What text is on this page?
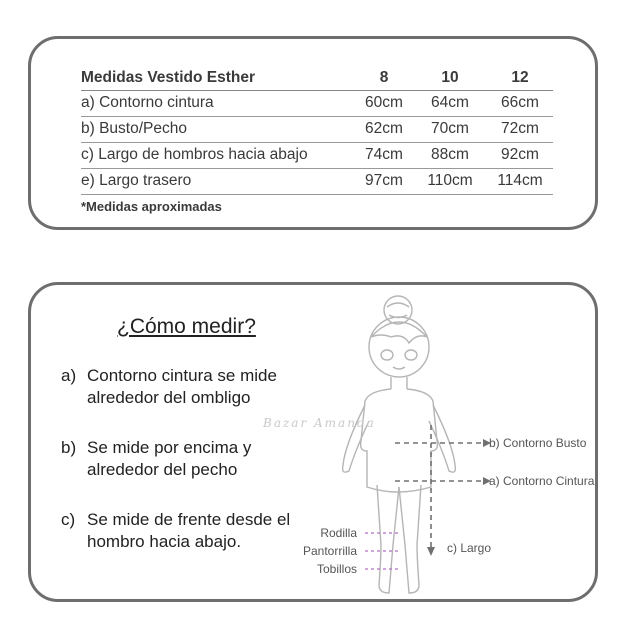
Medidas Vestido Esther	8	10	12
a) Contorno cintura	60cm	64cm	66cm
b) Busto/Pecho	62cm	70cm	72cm
c) Largo de hombros hacia abajo	74cm	88cm	92cm
e) Largo trasero	97cm	110cm	114cm
*Medidas aproximadas
¿Cómo medir?
a) Contorno cintura se mide alrededor del ombligo
b) Se mide por encima y alrededor del pecho
c) Se mide de frente desde el hombro hacia abajo.
Bazar Amanda
b) Contorno Busto
a) Contorno Cintura
c) Largo
Rodilla
Pantorrilla
Tobillos
